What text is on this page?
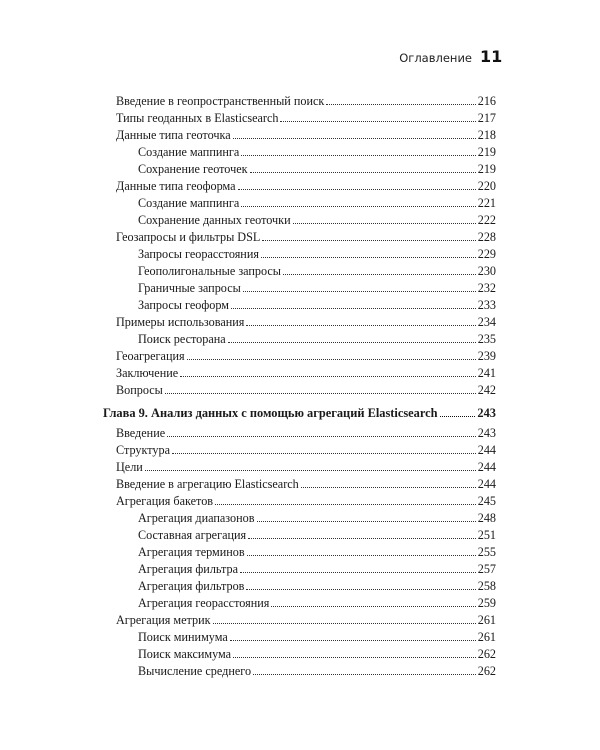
Оглавление 11
Введение в геопространственный поиск	216
Типы геоданных в Elasticsearch	217
Данные типа геоточка	218
Создание маппинга	219
Сохранение геоточек	219
Данные типа геоформа	220
Создание маппинга	221
Сохранение данных геоточки	222
Геозапросы и фильтры DSL	228
Запросы георасстояния	229
Геополигональные запросы	230
Граничные запросы	232
Запросы геоформ	233
Примеры использования	234
Поиск ресторана	235
Геоагрегация	239
Заключение	241
Вопросы	242
Глава 9. Анализ данных с помощью агрегаций Elasticsearch	243
Введение	243
Структура	244
Цели	244
Введение в агрегацию Elasticsearch	244
Агрегация бакетов	245
Агрегация диапазонов	248
Составная агрегация	251
Агрегация терминов	255
Агрегация фильтра	257
Агрегация фильтров	258
Агрегация георасстояния	259
Агрегация метрик	261
Поиск минимума	261
Поиск максимума	262
Вычисление среднего	262
